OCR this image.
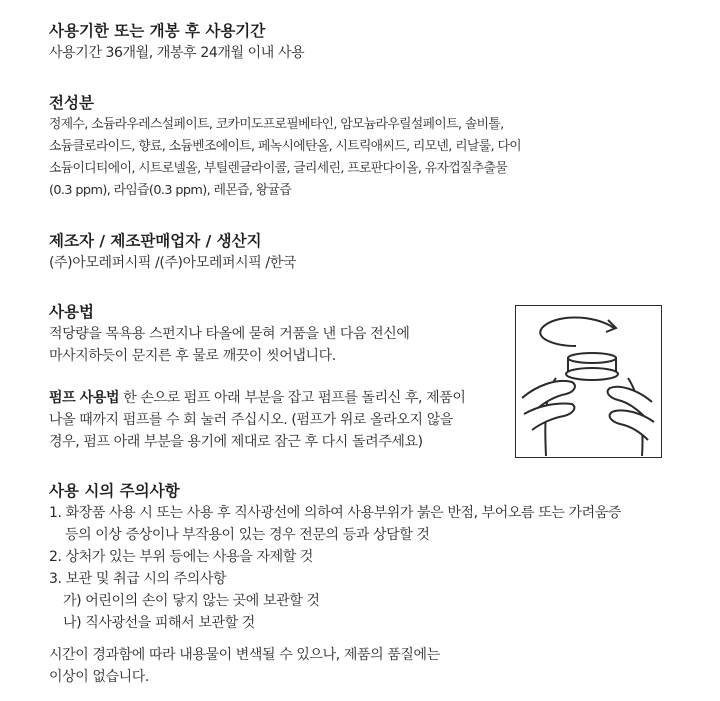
사용기한 또는 개봉 후 사용기간

사용기간 36개월, 개봉후 24개월 이내 사용

전성분

정제수, 소듐라우레스설페이트, 코카미도프로필베타인, 암모늄라우릴설페이트, 솔비톨,

소듐클로라이드, 향료, 소듐벤조에이트, 페녹시에탄올, 시트릭애씨드, 리모넨, 리날룰, 다이

소듐이디티에이, 시트로넬올, 부틸렌글라이콜, 글리세린, 프로판다이올, 유자껍질추출물

(0.3 ppm), 라임즙(0.3 ppm), 레몬즙, 왕귤즙

제조자 / 제조판매업자 / 생산지

(주)아모레퍼시픽 /(주)아모레퍼시픽 /한국

사용법

적당량을 목욕용 스펀지나 타올에 묻혀 거품을 낸 다음 전신에

마사지하듯이 문지른 후 물로 깨끗이 씻어냅니다.

펌프 사용법 한 손으로 펌프 아래 부분을 잡고 펌프를 돌리신 후, 제품이

나올 때까지 펌프를 수 회 눌러 주십시오. (펌프가 위로 올라오지 않을

경우, 펌프 아래 부분을 용기에 제대로 잠근 후 다시 돌려주세요)

사용 시의 주의사항

1. 화장품 사용 시 또는 사용 후 직사광선에 의하여 사용부위가 붉은 반점, 부어오름 또는 가려움증

등의 이상 증상이나 부작용이 있는 경우 전문의 등과 상담할 것

2. 상처가 있는 부위 등에는 사용을 자제할 것

3. 보관 및 취급 시의 주의사항

가) 어린이의 손이 닿지 않는 곳에 보관할 것

나) 직사광선을 피해서 보관할 것

시간이 경과함에 따라 내용물이 변색될 수 있으나, 제품의 품질에는

이상이 없습니다.
